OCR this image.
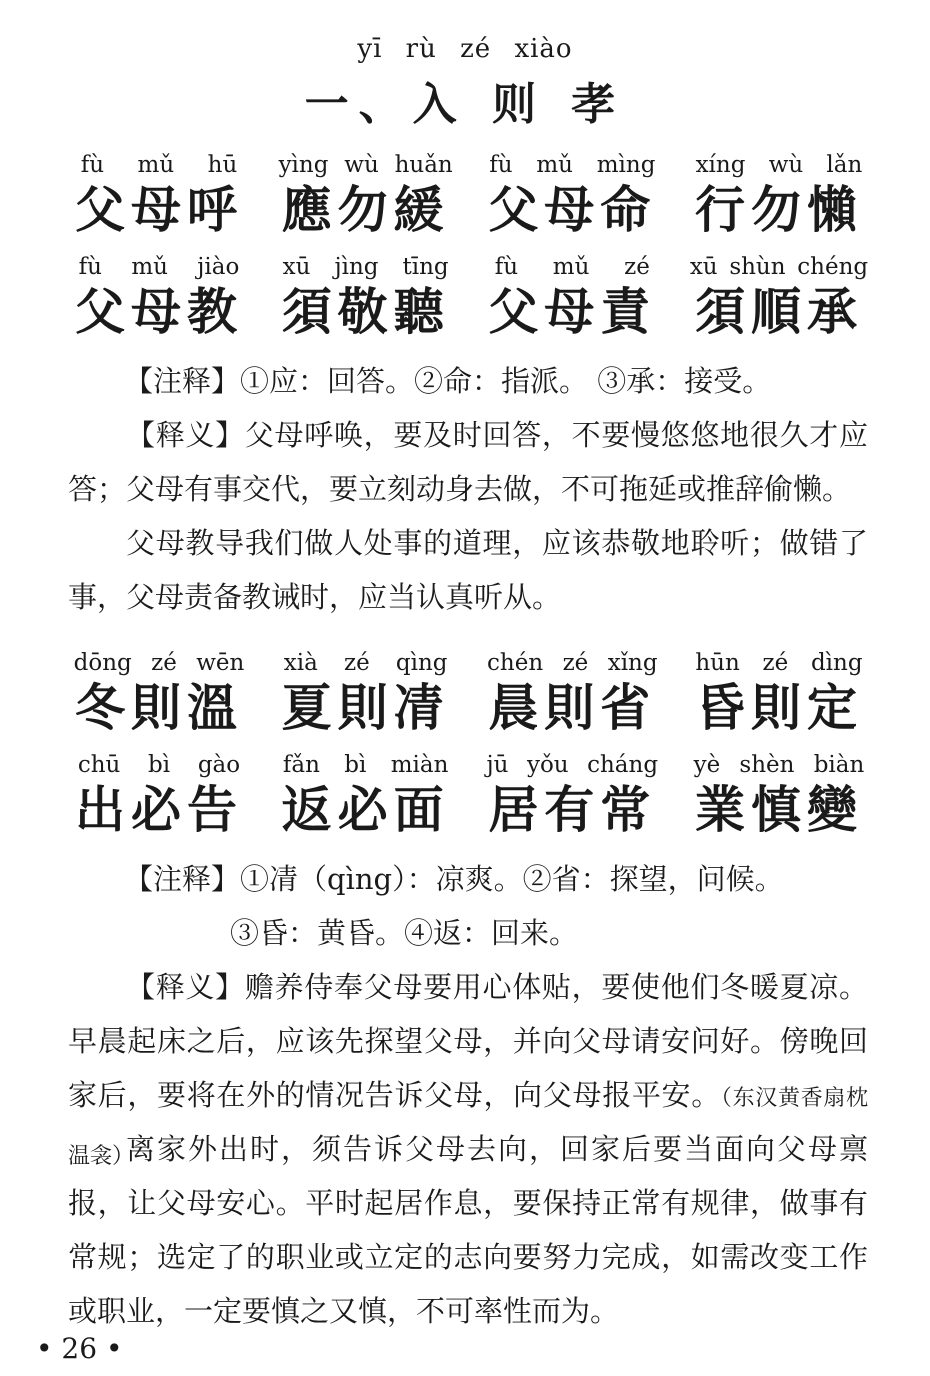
yī rù zé xiào
一、入 则 孝
fù mǔ hū
父母呼
yìng wù huǎn
應勿緩
fù mǔ mìng
父母命
xíng wù lǎn
行勿懶
fù mǔ jiào
父母教
xū jìng tīng
須敬聽
fù mǔ zé
父母責
xū shùn chéng
須順承

【注释】①应：回答。②命：指派。 ③承：接受。

【释义】父母呼唤，要及时回答，不要慢悠悠地很久才应答；父母有事交代，要立刻动身去做，不可拖延或推辞偷懒。

父母教导我们做人处事的道理，应该恭敬地聆听；做错了事，父母责备教诫时，应当认真听从。

dōng zé wēn
冬則溫
xià zé qìng
夏則凊
chén zé xǐng
晨則省
hūn zé dìng
昏則定
chū bì gào
出必告
fǎn bì miàn
返必面
jū yǒu cháng
居有常
yè shèn biàn
業慎變

【注释】①凊（qìng）：凉爽。②省：探望，问候。

③昏：黄昏。④返：回来。

【释义】赡养侍奉父母要用心体贴，要使他们冬暖夏凉。早晨起床之后，应该先探望父母，并向父母请安问好。傍晚回家后，要将在外的情况告诉父母，向父母报平安。（东汉黄香扇枕温衾）

离家外出时，须告诉父母去向，回家后要当面向父母禀报，让父母安心。平时起居作息，要保持正常有规律，做事有常规；选定了的职业或立定的志向要努力完成，如需改变工作或职业，一定要慎之又慎，不可率性而为。

• 26 •
